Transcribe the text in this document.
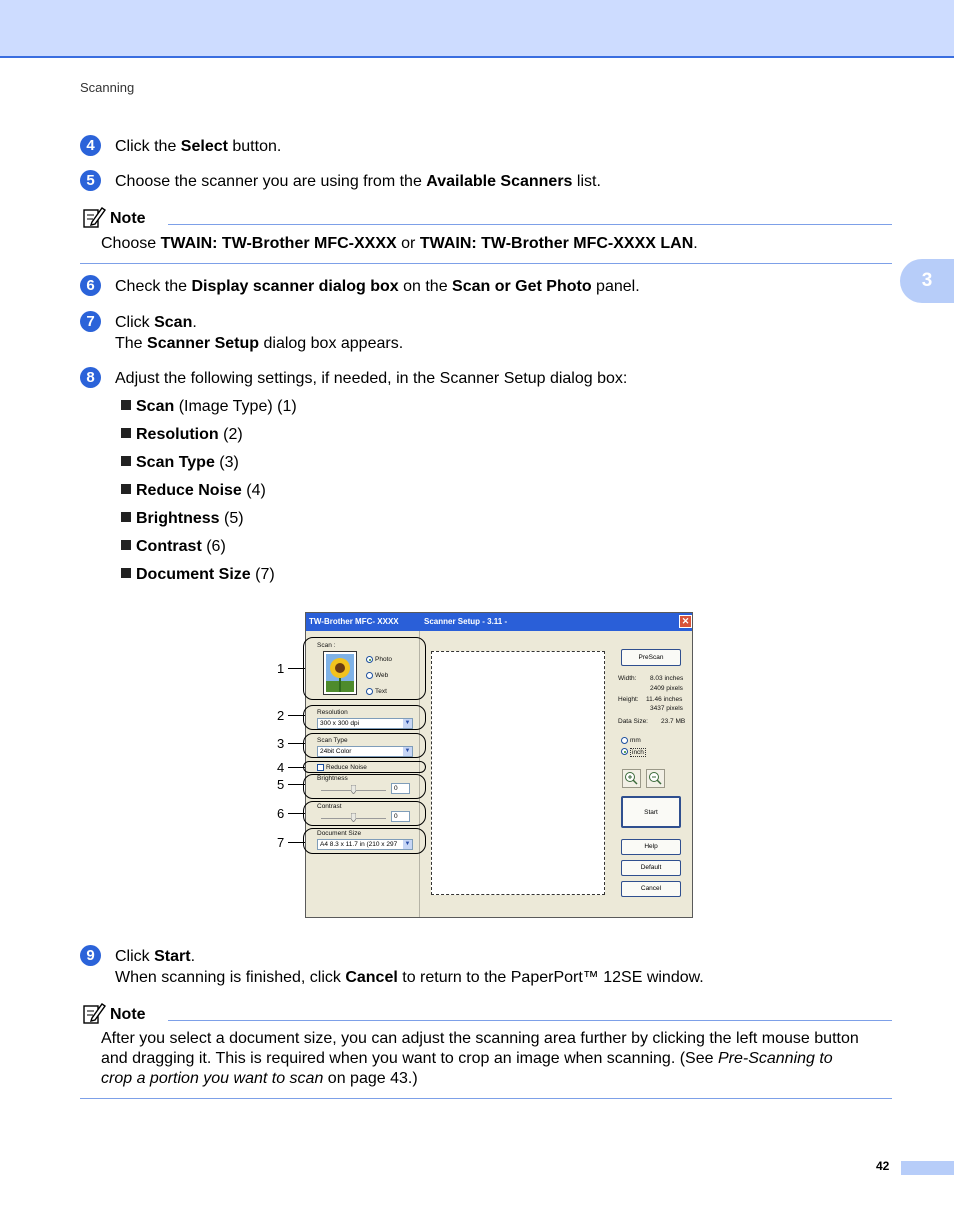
Scanning
3
4	Click the Select button.
5	Choose the scanner you are using from the Available Scanners list.
Note
Choose TWAIN: TW-Brother MFC-XXXX or TWAIN: TW-Brother MFC-XXXX LAN.
6	Check the Display scanner dialog box on the Scan or Get Photo panel.
7	Click Scan.
The Scanner Setup dialog box appears.
8	Adjust the following settings, if needed, in the Scanner Setup dialog box:
Scan (Image Type) (1)
Resolution (2)
Scan Type (3)
Reduce Noise (4)
Brightness (5)
Contrast (6)
Document Size (7)
1
2
3
4
5
6
7
TW-Brother MFC- XXXX	Scanner Setup - 3.11 -	✕
Scan :
Photo
Web
Text
Resolution
300 x 300 dpi	▼
Scan Type
24bit Color	▼
Reduce Noise
Brightness
0
Contrast
0
Document Size
A4 8.3 x 11.7 in (210 x 297 ▼
PreScan
Width: 8.03 inches
2409 pixels
Height: 11.46 inches
3437 pixels
Data Size: 23.7 MB
mm
inch
Start
Help
Default
Cancel
9	Click Start.
When scanning is finished, click Cancel to return to the PaperPort™ 12SE window.
Note
After you select a document size, you can adjust the scanning area further by clicking the left mouse button
and dragging it. This is required when you want to crop an image when scanning. (See Pre-Scanning to
crop a portion you want to scan on page 43.)
42
